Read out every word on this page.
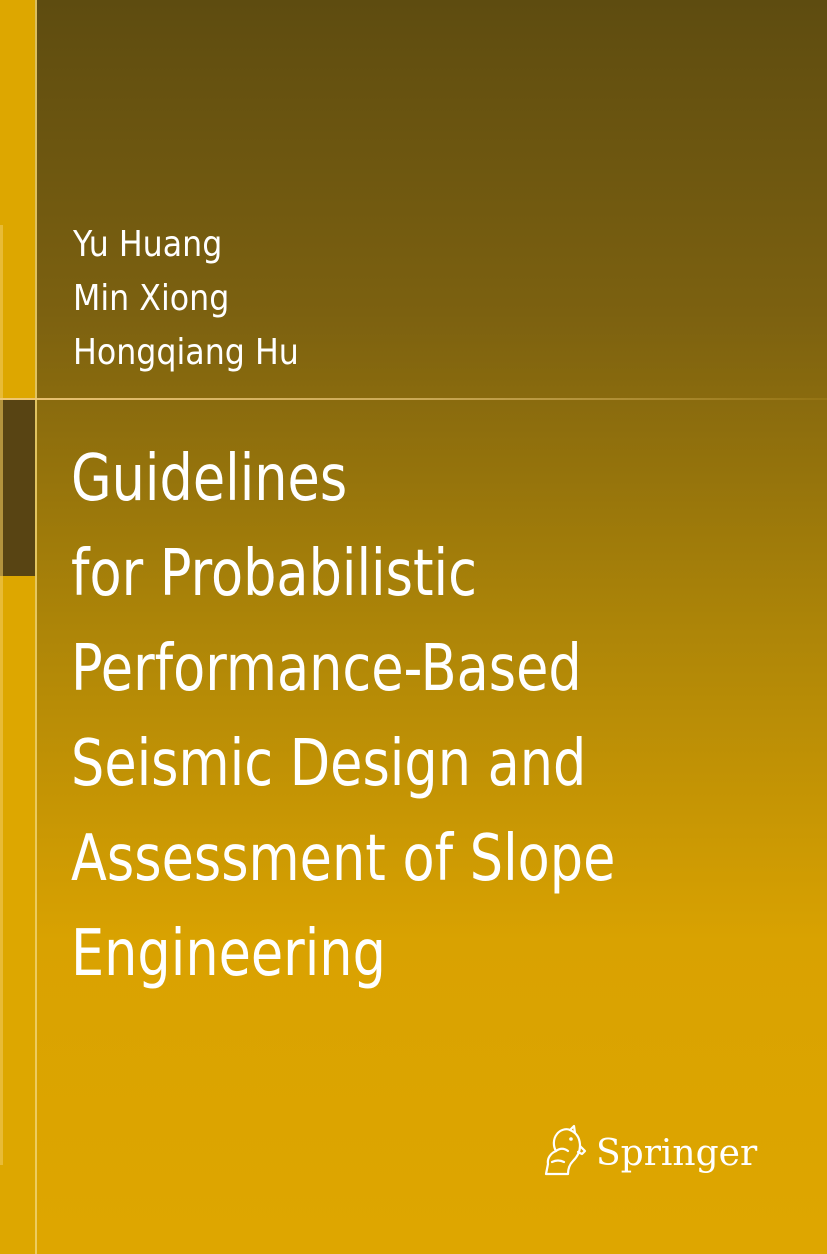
Yu Huang
Min Xiong
Hongqiang Hu
Guidelines
for Probabilistic
Performance-Based
Seismic Design and
Assessment of Slope
Engineering
Springer
